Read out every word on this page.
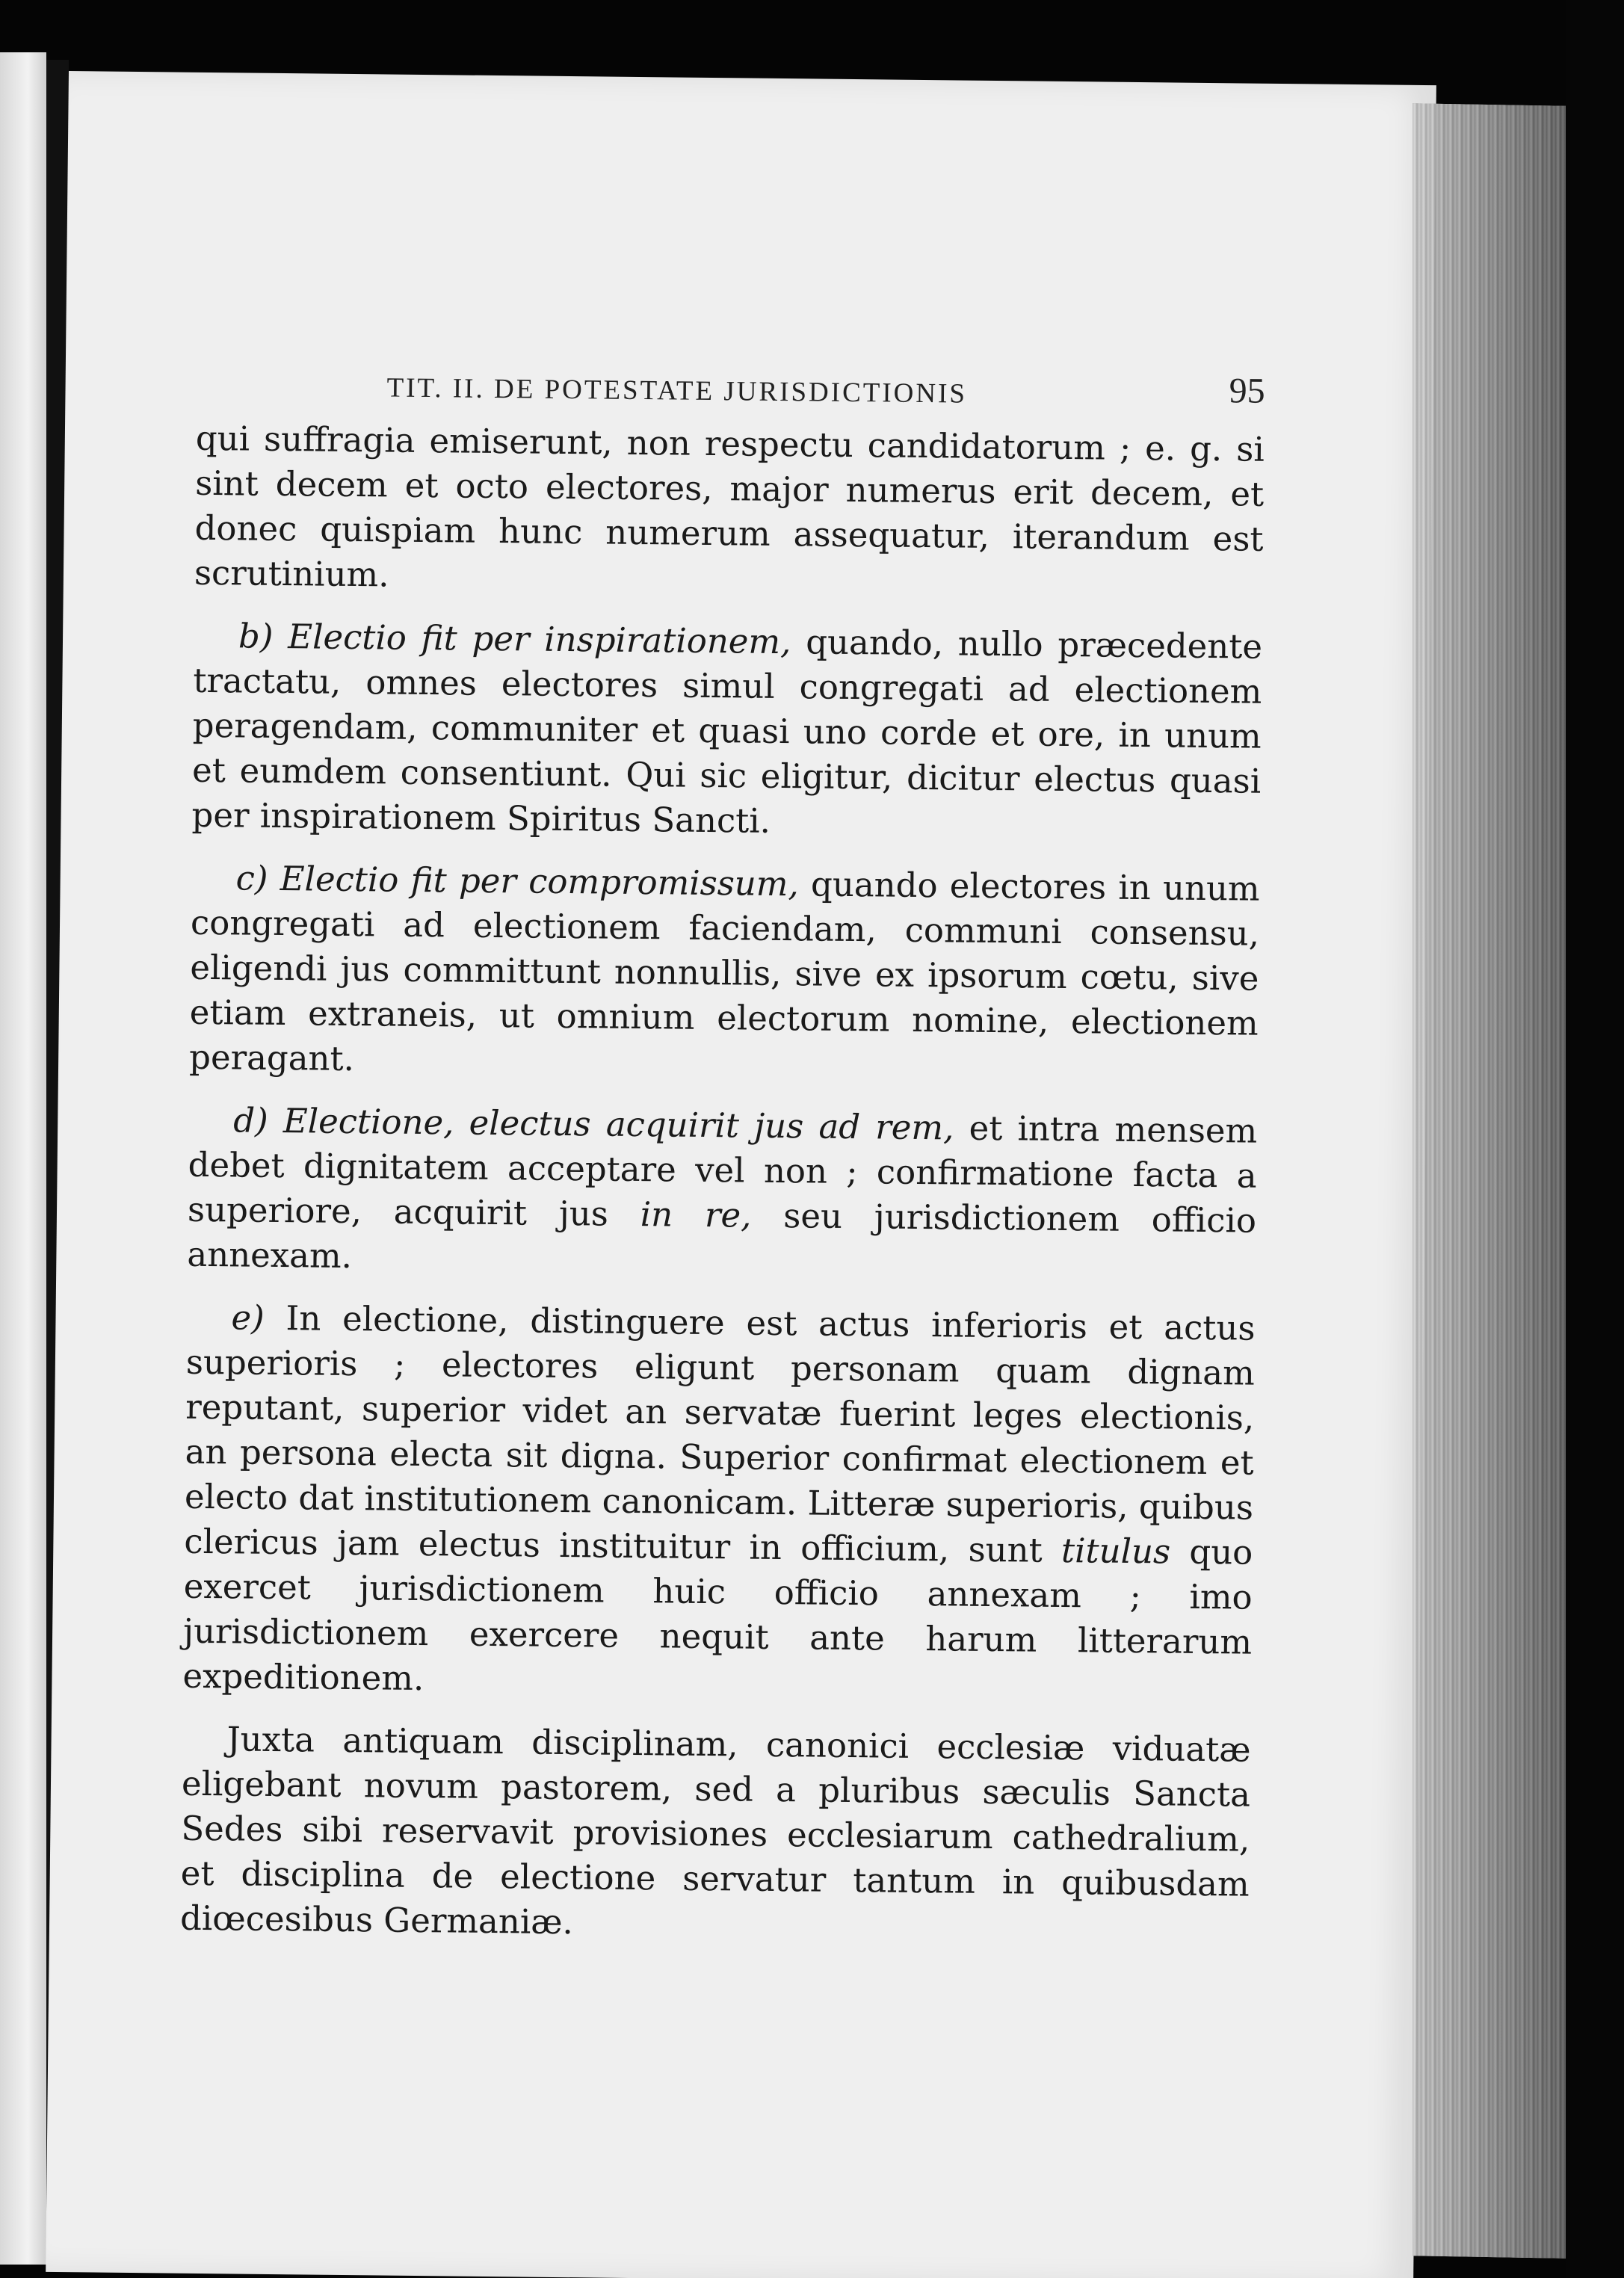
TIT. II. DE POTESTATE JURISDICTIONIS	95

qui suffragia emiserunt, non respectu candidatorum ; e. g. si sint decem et octo electores, major numerus erit decem, et donec quispiam hunc numerum assequatur, iterandum est scrutinium.

b) Electio fit per inspirationem, quando, nullo præcedente tractatu, omnes electores simul congregati ad electionem peragendam, communiter et quasi uno corde et ore, in unum et eumdem consentiunt. Qui sic eligitur, dicitur electus quasi per inspirationem Spiritus Sancti.

c) Electio fit per compromissum, quando electores in unum congregati ad electionem faciendam, communi consensu, eligendi jus committunt nonnullis, sive ex ipsorum cœtu, sive etiam extraneis, ut omnium electorum nomine, electionem peragant.

d) Electione, electus acquirit jus ad rem, et intra mensem debet dignitatem acceptare vel non ; confirmatione facta a superiore, acquirit jus in re, seu jurisdictionem officio annexam.

e) In electione, distinguere est actus inferioris et actus superioris ; electores eligunt personam quam dignam reputant, superior videt an servatæ fuerint leges electionis, an persona electa sit digna. Superior confirmat electionem et electo dat institutionem canonicam. Litteræ superioris, quibus clericus jam electus instituitur in officium, sunt titulus quo exercet jurisdictionem huic officio annexam ; imo jurisdictionem exercere nequit ante harum litterarum expeditionem.

Juxta antiquam disciplinam, canonici ecclesiæ viduatæ eligebant novum pastorem, sed a pluribus sæculis Sancta Sedes sibi reservavit provisiones ecclesiarum cathedralium, et disciplina de electione servatur tantum in quibusdam diœcesibus Germaniæ.
